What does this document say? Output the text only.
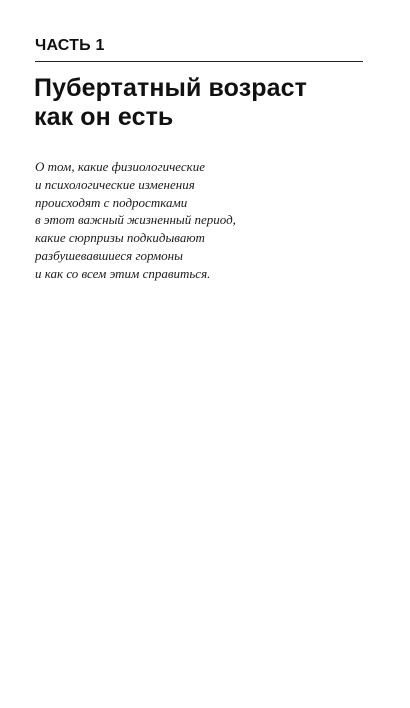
ЧАСТЬ 1
Пубертатный возраст
как он есть
О том, какие физиологические
и психологические изменения
происходят с подростками
в этот важный жизненный период,
какие сюрпризы подкидывают
разбушевавшиеся гормоны
и как со всем этим справиться.
